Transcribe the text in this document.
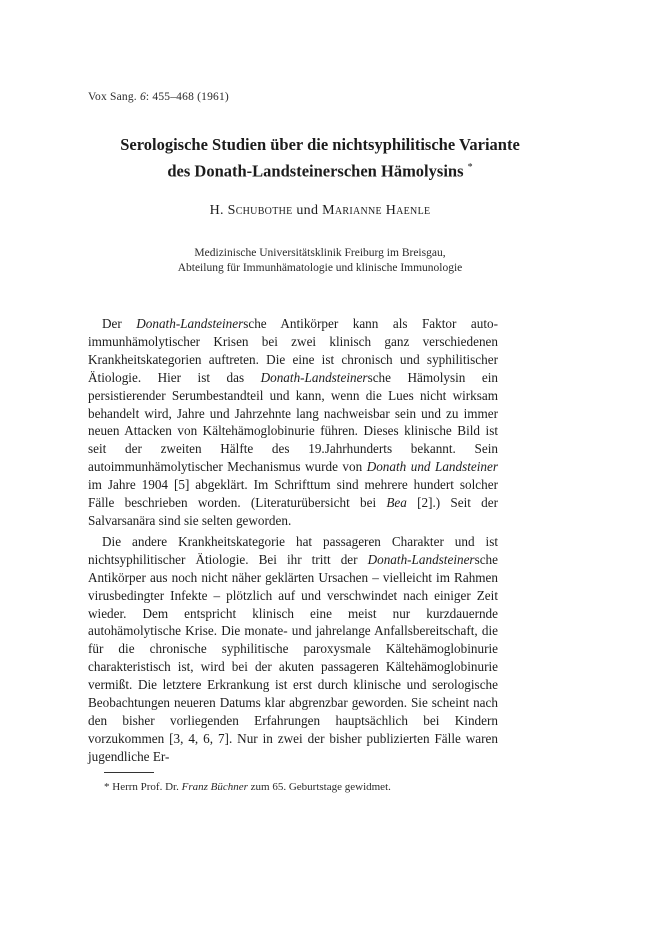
Vox Sang. 6: 455–468 (1961)
Serologische Studien über die nichtsyphilitische Variante
des Donath-Landsteinerschen Hämolysins *
H. Schubothe und Marianne Haenle
Medizinische Universitätsklinik Freiburg im Breisgau,
Abteilung für Immunhämatologie und klinische Immunologie

Der Donath-Landsteinersche Antikörper kann als Faktor autoimmunhämolytischer Krisen bei zwei klinisch ganz verschiedenen Krankheitskategorien auftreten. Die eine ist chronisch und syphilitischer Ätiologie. Hier ist das Donath-Landsteinersche Hämolysin ein persistierender Serumbestandteil und kann, wenn die Lues nicht wirksam behandelt wird, Jahre und Jahrzehnte lang nachweisbar sein und zu immer neuen Attacken von Kältehämoglobinurie führen. Dieses klinische Bild ist seit der zweiten Hälfte des 19.Jahrhunderts bekannt. Sein autoimmunhämolytischer Mechanismus wurde von Donath und Landsteiner im Jahre 1904 [5] abgeklärt. Im Schrifttum sind mehrere hundert solcher Fälle beschrieben worden. (Literaturübersicht bei Bea [2].) Seit der Salvarsanära sind sie selten geworden.

Die andere Krankheitskategorie hat passageren Charakter und ist nichtsyphilitischer Ätiologie. Bei ihr tritt der Donath-Landsteinersche Antikörper aus noch nicht näher geklärten Ursachen – vielleicht im Rahmen virusbedingter Infekte – plötzlich auf und verschwindet nach einiger Zeit wieder. Dem entspricht klinisch eine meist nur kurzdauernde autohämolytische Krise. Die monate- und jahrelange Anfallsbereitschaft, die für die chronische syphilitische paroxysmale Kältehämoglobinurie charakteristisch ist, wird bei der akuten passageren Kältehämoglobinurie vermißt. Die letztere Erkrankung ist erst durch klinische und serologische Beobachtungen neueren Datums klar abgrenzbar geworden. Sie scheint nach den bisher vorliegenden Erfahrungen hauptsächlich bei Kindern vorzukommen [3, 4, 6, 7]. Nur in zwei der bisher publizierten Fälle waren jugendliche Er-

* Herrn Prof. Dr. Franz Büchner zum 65. Geburtstage gewidmet.
